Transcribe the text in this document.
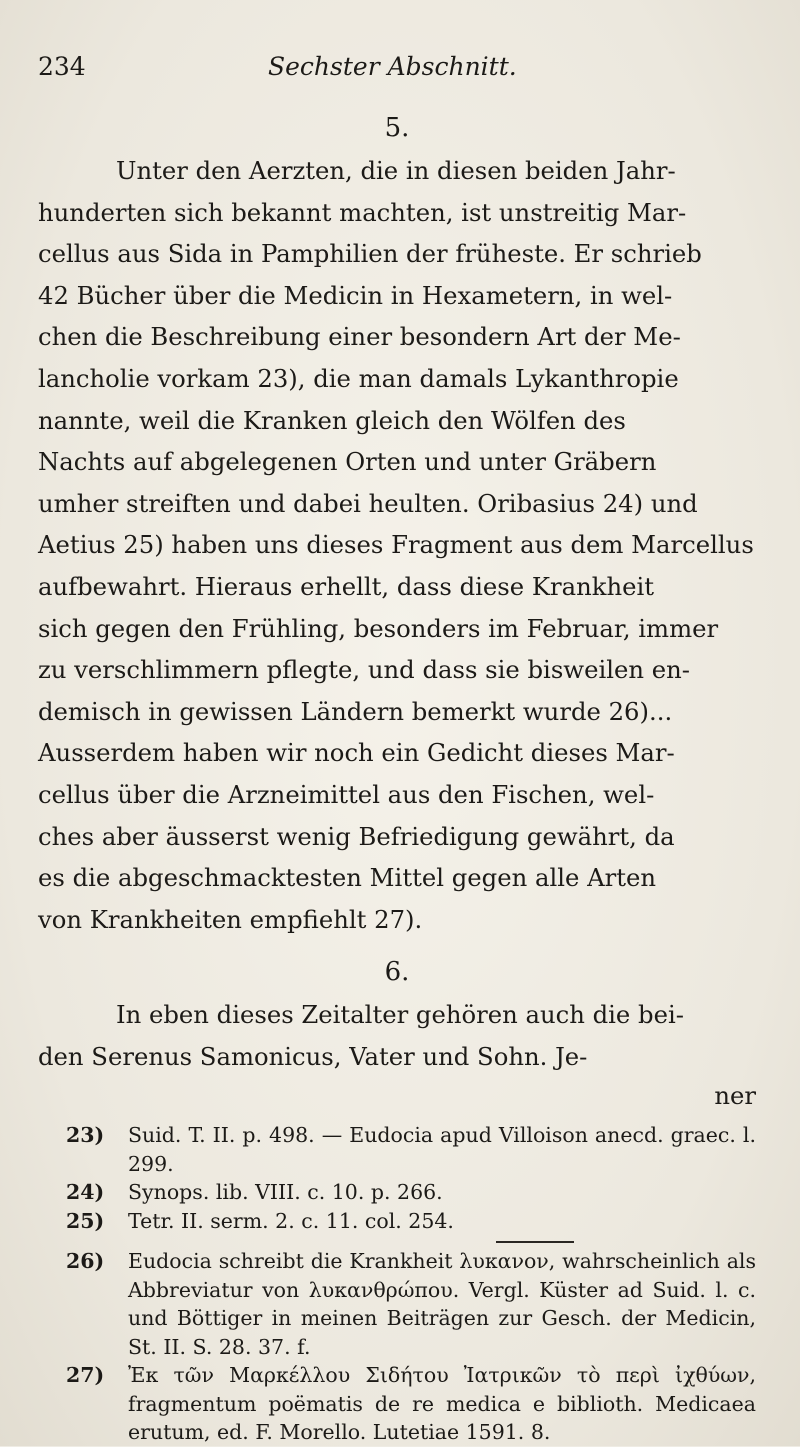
234	Sechster Abschnitt.
5.

Unter den Aerzten, die in diesen beiden Jahr-
hunderten sich bekannt machten, ist unstreitig Mar-
cellus aus Sida in Pamphilien der früheste. Er schrieb
42 Bücher über die Medicin in Hexametern, in wel-
chen die Beschreibung einer besondern Art der Me-
lancholie vorkam 23), die man damals Lykanthropie
nannte, weil die Kranken gleich den Wölfen des
Nachts auf abgelegenen Orten und unter Gräbern
umher streiften und dabei heulten. Oribasius 24) und
Aetius 25) haben uns dieses Fragment aus dem Marcellus
aufbewahrt. Hieraus erhellt, dass diese Krankheit
sich gegen den Frühling, besonders im Februar, immer
zu verschlimmern pflegte, und dass sie bisweilen en-
demisch in gewissen Ländern bemerkt wurde 26)...
Ausserdem haben wir noch ein Gedicht dieses Mar-
cellus über die Arzneimittel aus den Fischen, wel-
ches aber äusserst wenig Befriedigung gewährt, da
es die abgeschmacktesten Mittel gegen alle Arten
von Krankheiten empfiehlt 27).

6.

In eben dieses Zeitalter gehören auch die bei-
den Serenus Samonicus, Vater und Sohn. Je-

ner

23)	Suid. T. II. p. 498. — Eudocia apud Villoison anecd. graec. l. 299.

24)	Synops. lib. VIII. c. 10. p. 266.

25)	Tetr. II. serm. 2. c. 11. col. 254.

26)	Eudocia schreibt die Krankheit λυκανον, wahrscheinlich als Abbreviatur von λυκανθρώπου. Vergl. Küster ad Suid. l. c. und Böttiger in meinen Beiträgen zur Gesch. der Medicin, St. II. S. 28. 37. f.

27)	Ἐκ τῶν Μαρκέλλου Σιδήτου Ἰατρικῶν τὸ περὶ ἰχθύων, fragmentum poëmatis de re medica e biblioth. Medicaea erutum, ed. F. Morello. Lutetiae 1591. 8.
